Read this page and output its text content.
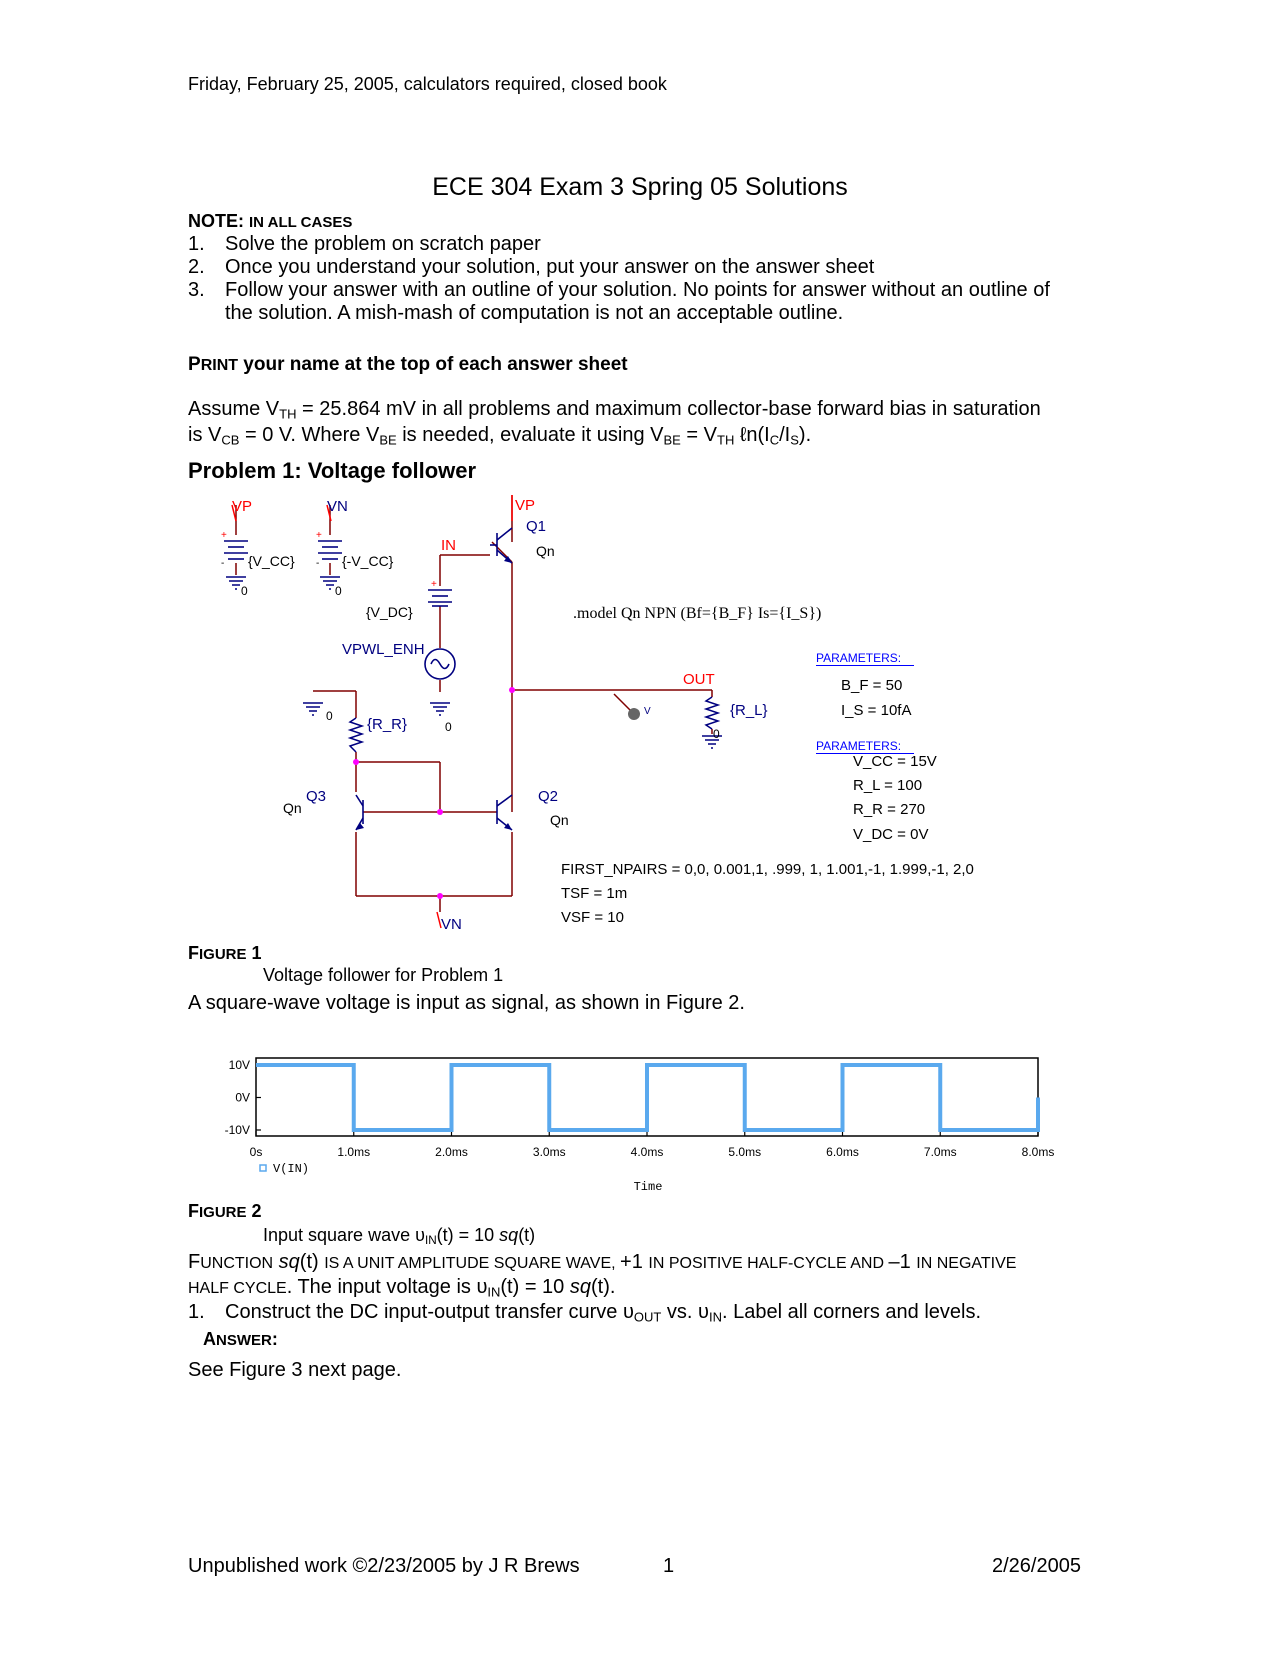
Friday, February 25, 2005, calculators required, closed book
ECE 304 Exam 3 Spring 05 Solutions
NOTE: IN ALL CASES
1. Solve the problem on scratch paper
2. Once you understand your solution, put your answer on the answer sheet
3. Follow your answer with an outline of your solution. No points for answer without an outline of
the solution. A mish-mash of computation is not an acceptable outline.
PRINT your name at the top of each answer sheet
Assume $V_{TH} = 25.864$ mV in all problems and maximum collector-base forward bias in saturation
is $V_{CB} = 0$ V. Where $V_{BE}$ is needed, evaluate it using $V_{BE} = V_{TH}$ $\ell n(I_C/I_S)$.
Problem 1: Voltage follower
VP	VN
{V_CC}	{-V_CC}
+	+
-	-
0	0
IN
{V_DC}
+
VPWL_ENH
VP
Q1
Qn
.model Qn NPN (Bf={B_F} Is={I_S})
OUT
{R_L}
V
0
0
0
{R_R}
Q3
Qn
Q2
Qn
VN
PARAMETERS:
B_F = 50
I_S = 10fA
PARAMETERS:
V_CC = 15V
R_L = 100
R_R = 270
V_DC = 0V
FIRST_NPAIRS = 0,0, 0.001,1, .999, 1, 1.001,-1, 1.999,-1, 2,0
TSF = 1m
VSF = 10
FIGURE 1
Voltage follower for Problem 1
A square-wave voltage is input as signal, as shown in Figure 2.
0s	1.0ms	2.0ms	3.0ms	4.0ms	5.0ms	6.0ms	7.0ms	8.0ms
10V
0V
-10V
V(IN)
Time
FIGURE 2
Input square wave $\upsilon_{IN}(t) = 10$ sq(t)
FUNCTION sq(t) IS A UNIT AMPLITUDE SQUARE WAVE, +1 IN POSITIVE HALF-CYCLE AND –1 IN NEGATIVE
HALF CYCLE. The input voltage is $\upsilon_{IN}(t) = 10$ sq(t).
1. Construct the DC input-output transfer curve $\upsilon_{OUT}$ vs. $\upsilon_{IN}$. Label all corners and levels.
ANSWER:
See Figure 3 next page.
Unpublished work ©2/23/2005 by J R Brews	1	2/26/2005
